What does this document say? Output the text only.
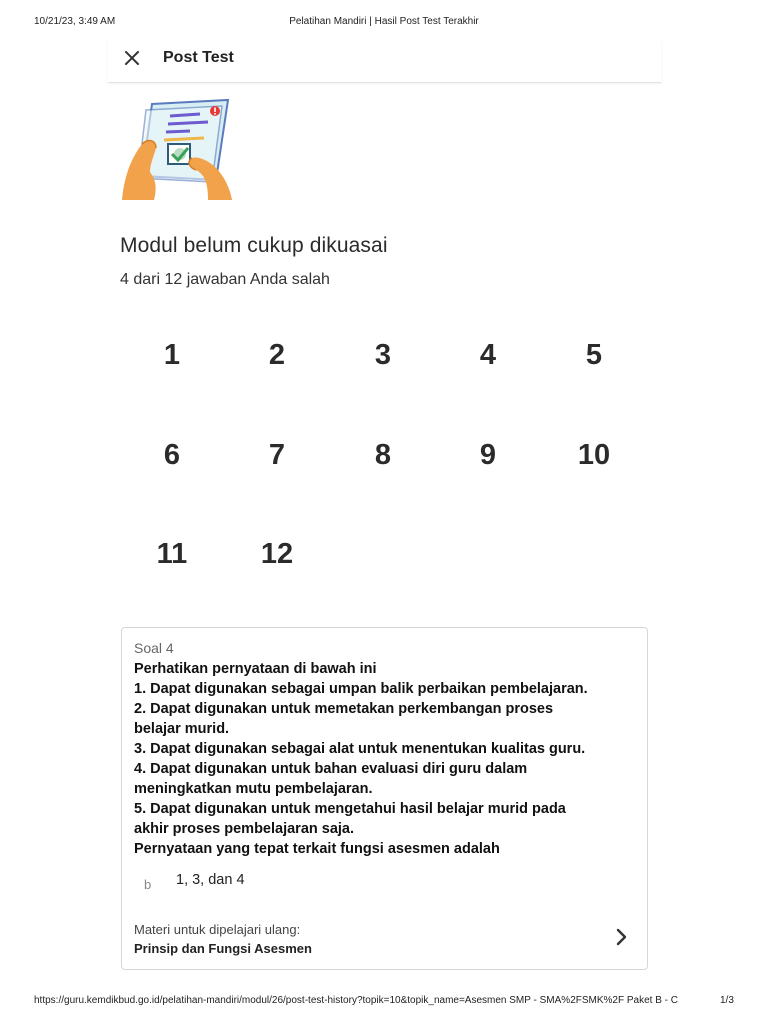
10/21/23, 3:49 AM	Pelatihan Mandiri | Hasil Post Test Terakhir
Post Test
Modul belum cukup dikuasai
4 dari 12 jawaban Anda salah
1	2	3	4	5
6	7	8	9	10
11	12
Soal 4
Perhatikan pernyataan di bawah ini
1. Dapat digunakan sebagai umpan balik perbaikan pembelajaran.
2. Dapat digunakan untuk memetakan perkembangan proses
belajar murid.
3. Dapat digunakan sebagai alat untuk menentukan kualitas guru.
4. Dapat digunakan untuk bahan evaluasi diri guru dalam
meningkatkan mutu pembelajaran.
5. Dapat digunakan untuk mengetahui hasil belajar murid pada
akhir proses pembelajaran saja.
Pernyataan yang tepat terkait fungsi asesmen adalah
b 1, 3, dan 4
Materi untuk dipelajari ulang:
Prinsip dan Fungsi Asesmen
https://guru.kemdikbud.go.id/pelatihan-mandiri/modul/26/post-test-history?topik=10&topik_name=Asesmen SMP - SMA%2FSMK%2F Paket B - C	1/3
